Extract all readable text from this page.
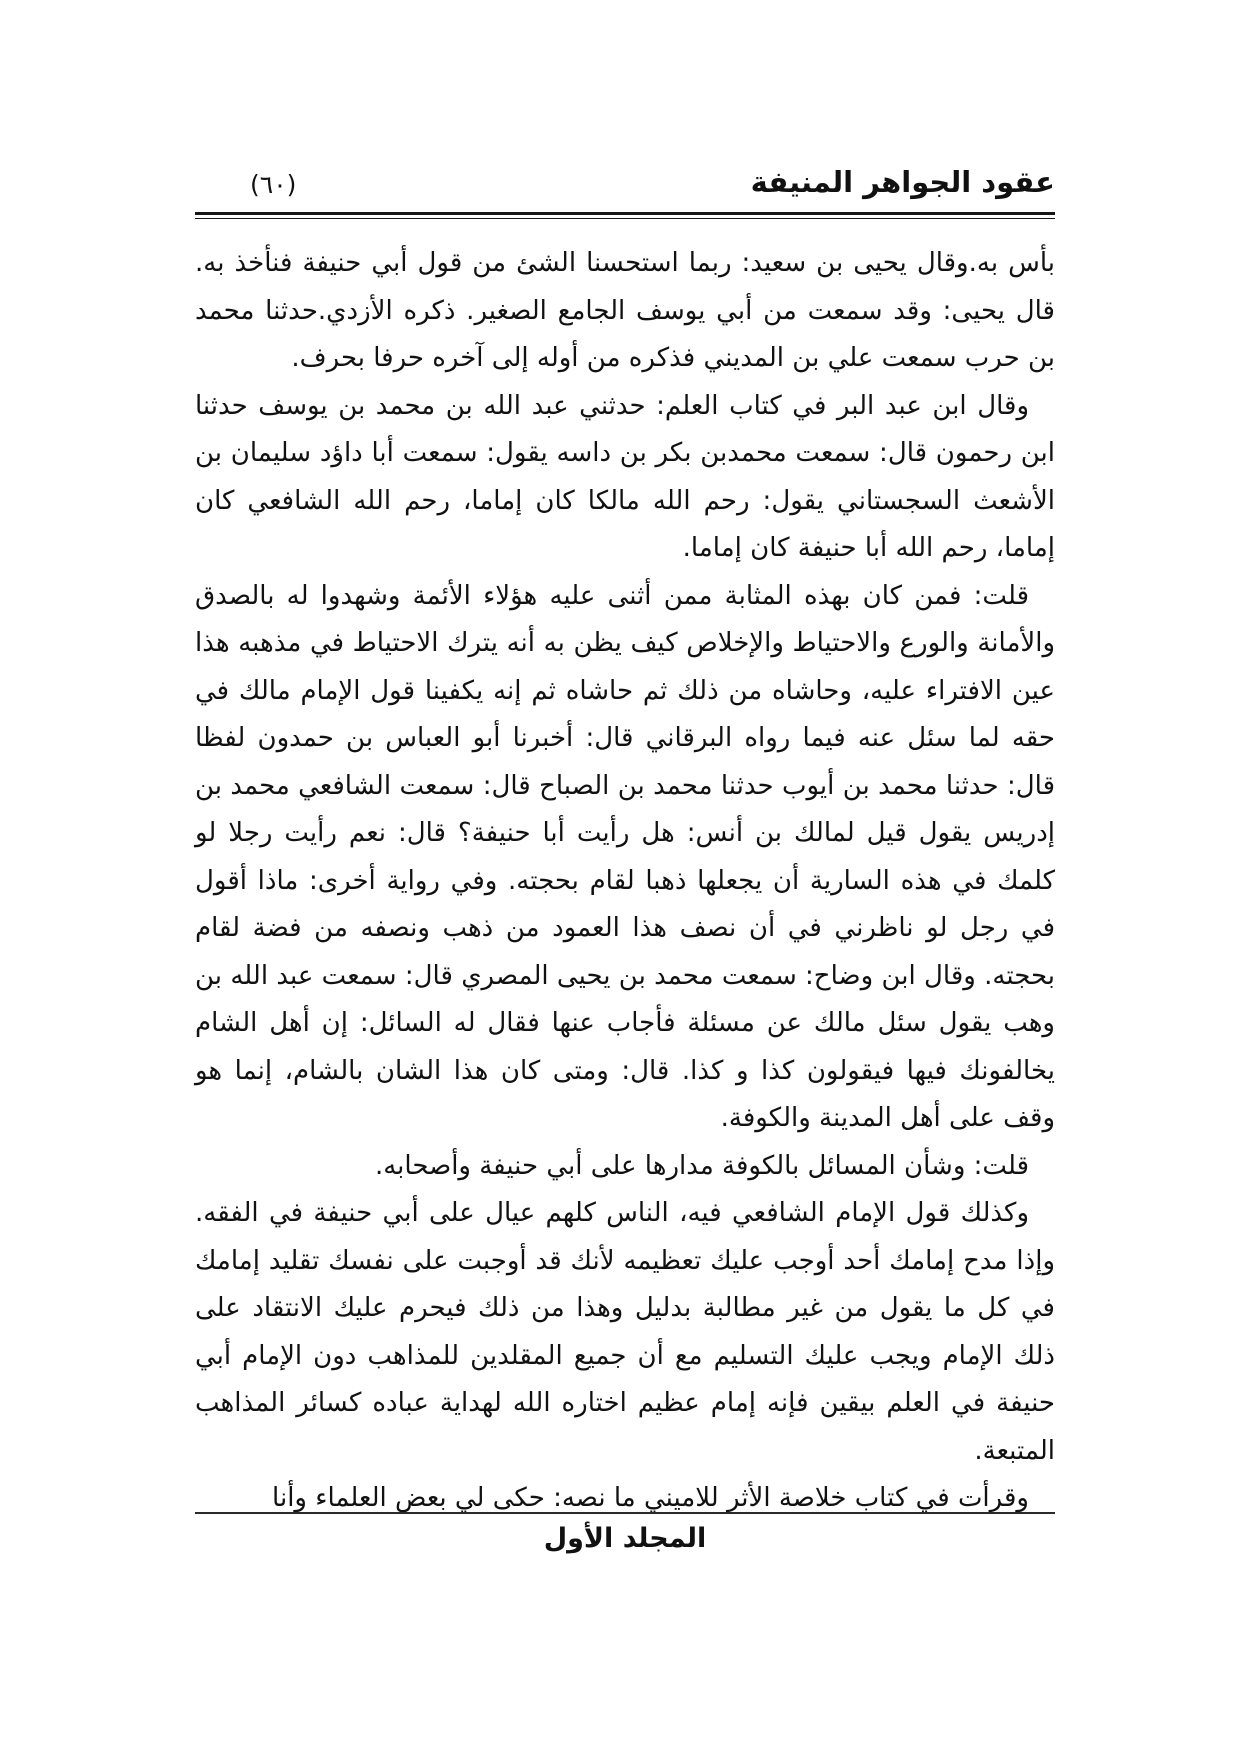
عقود الجواهر المنيفة
(٦٠)

بأس به.وقال يحيى بن سعيد: ربما استحسنا الشئ من قول أبي حنيفة فنأخذ به. قال يحيى: وقد سمعت من أبي يوسف الجامع الصغير. ذكره الأزدي.حدثنا محمد بن حرب سمعت علي بن المديني فذكره من أوله إلى آخره حرفا بحرف.

وقال ابن عبد البر في كتاب العلم: حدثني عبد الله بن محمد بن يوسف حدثنا ابن رحمون قال: سمعت محمدبن بكر بن داسه يقول: سمعت أبا داؤد سليمان بن الأشعث السجستاني يقول: رحم الله مالكا كان إماما، رحم الله الشافعي كان إماما، رحم الله أبا حنيفة كان إماما.

قلت: فمن كان بهذه المثابة ممن أثنى عليه هؤلاء الأئمة وشهدوا له بالصدق والأمانة والورع والاحتياط والإخلاص كيف يظن به أنه يترك الاحتياط في مذهبه هذا عين الافتراء عليه، وحاشاه من ذلك ثم حاشاه ثم إنه يكفينا قول الإمام مالك في حقه لما سئل عنه فيما رواه البرقاني قال: أخبرنا أبو العباس بن حمدون لفظا قال: حدثنا محمد بن أيوب حدثنا محمد بن الصباح قال: سمعت الشافعي محمد بن إدريس يقول قيل لمالك بن أنس: هل رأيت أبا حنيفة؟ قال: نعم رأيت رجلا لو كلمك في هذه السارية أن يجعلها ذهبا لقام بحجته. وفي رواية أخرى: ماذا أقول في رجل لو ناظرني في أن نصف هذا العمود من ذهب ونصفه من فضة لقام بحجته. وقال ابن وضاح: سمعت محمد بن يحيى المصري قال: سمعت عبد الله بن وهب يقول سئل مالك عن مسئلة فأجاب عنها فقال له السائل: إن أهل الشام يخالفونك فيها فيقولون كذا و كذا. قال: ومتى كان هذا الشان بالشام، إنما هو وقف على أهل المدينة والكوفة.

قلت: وشأن المسائل بالكوفة مدارها على أبي حنيفة وأصحابه.

وكذلك قول الإمام الشافعي فيه، الناس كلهم عيال على أبي حنيفة في الفقه. وإذا مدح إمامك أحد أوجب عليك تعظيمه لأنك قد أوجبت على نفسك تقليد إمامك في كل ما يقول من غير مطالبة بدليل وهذا من ذلك فيحرم عليك الانتقاد على ذلك الإمام ويجب عليك التسليم مع أن جميع المقلدين للمذاهب دون الإمام أبي حنيفة في العلم بيقين فإنه إمام عظيم اختاره الله لهداية عباده كسائر المذاهب المتبعة.

وقرأت في كتاب خلاصة الأثر للاميني ما نصه: حكى لي بعض العلماء وأنا

المجلد الأول
